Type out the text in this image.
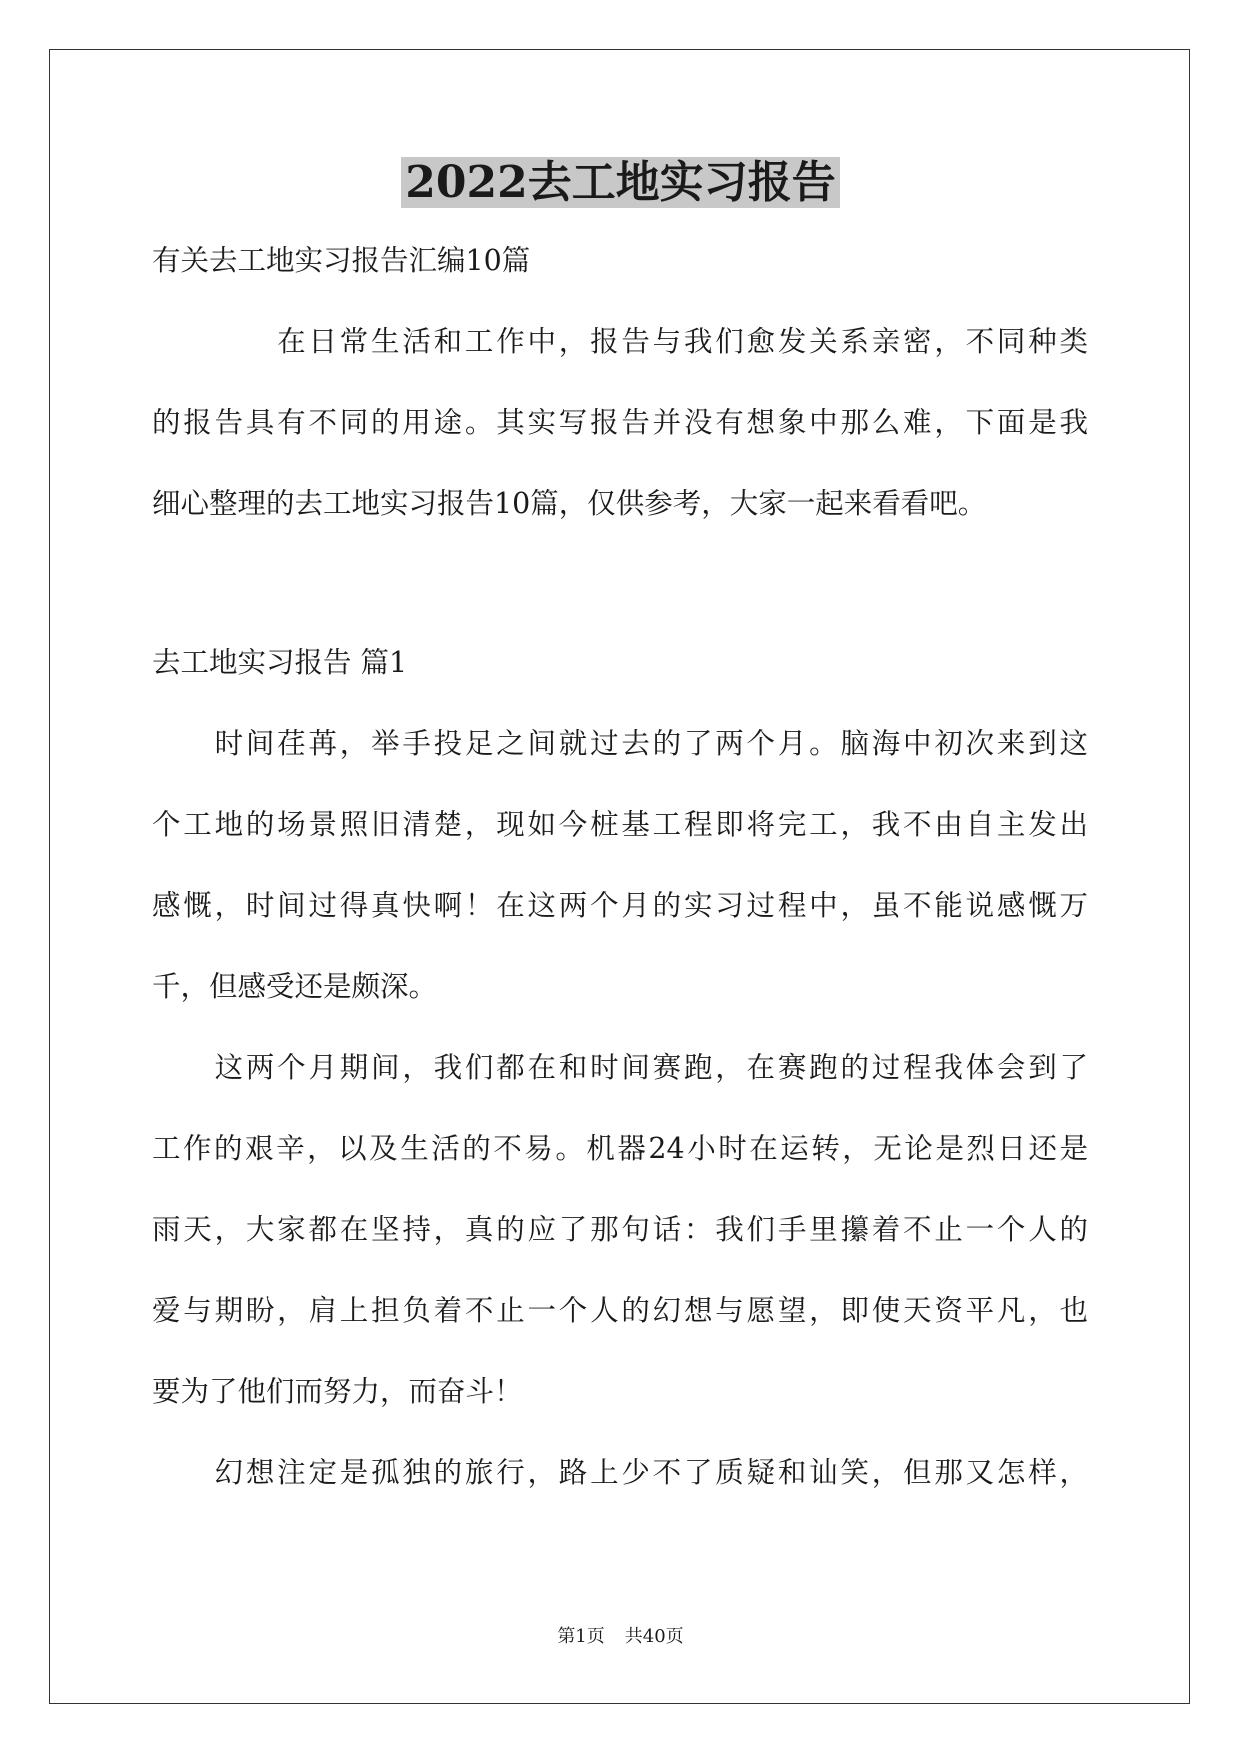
2022去工地实习报告
有关去工地实习报告汇编10篇
　　　　在日常生活和工作中，报告与我们愈发关系亲密，不同种类
的报告具有不同的用途。其实写报告并没有想象中那么难，下面是我
细心整理的去工地实习报告10篇，仅供参考，大家一起来看看吧。
去工地实习报告 篇1
　　时间荏苒，举手投足之间就过去的了两个月。脑海中初次来到这
个工地的场景照旧清楚，现如今桩基工程即将完工，我不由自主发出
感慨，时间过得真快啊！在这两个月的实习过程中，虽不能说感慨万
千，但感受还是颇深。
　　这两个月期间，我们都在和时间赛跑，在赛跑的过程我体会到了
工作的艰辛，以及生活的不易。机器24小时在运转，无论是烈日还是
雨天，大家都在坚持，真的应了那句话：我们手里攥着不止一个人的
爱与期盼，肩上担负着不止一个人的幻想与愿望，即使天资平凡，也
要为了他们而努力，而奋斗！
　　幻想注定是孤独的旅行，路上少不了质疑和讪笑，但那又怎样，
第1页 共40页
